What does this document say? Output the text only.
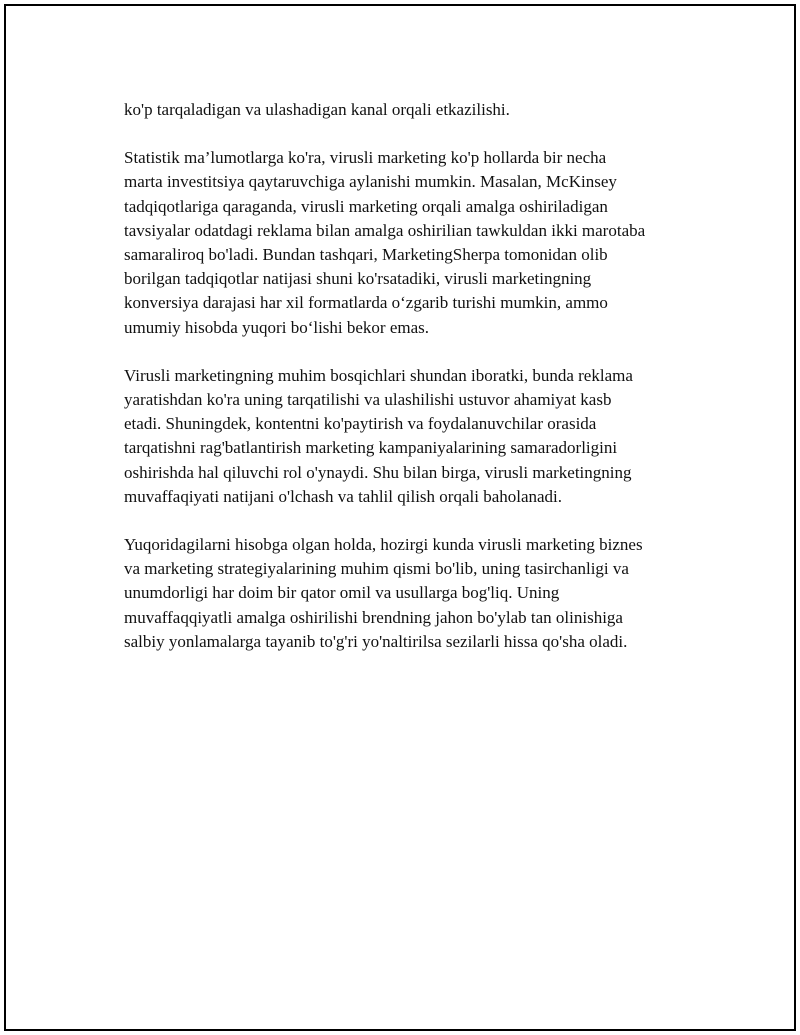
ko'p tarqaladigan va ulashadigan kanal orqali etkazilishi.

Statistik ma’lumotlarga ko'ra, virusli marketing ko'p hollarda bir necha
marta investitsiya qaytaruvchiga aylanishi mumkin. Masalan, McKinsey
tadqiqotlariga qaraganda, virusli marketing orqali amalga oshiriladigan
tavsiyalar odatdagi reklama bilan amalga oshirilian tawkuldan ikki marotaba
samaraliroq bo'ladi. Bundan tashqari, MarketingSherpa tomonidan olib
borilgan tadqiqotlar natijasi shuni ko'rsatadiki, virusli marketingning
konversiya darajasi har xil formatlarda o‘zgarib turishi mumkin, ammo
umumiy hisobda yuqori bo‘lishi bekor emas.

Virusli marketingning muhim bosqichlari shundan iboratki, bunda reklama
yaratishdan ko'ra uning tarqatilishi va ulashilishi ustuvor ahamiyat kasb
etadi. Shuningdek, kontentni ko'paytirish va foydalanuvchilar orasida
tarqatishni rag'batlantirish marketing kampaniyalarining samaradorligini
oshirishda hal qiluvchi rol o'ynaydi. Shu bilan birga, virusli marketingning
muvaffaqiyati natijani o'lchash va tahlil qilish orqali baholanadi.

Yuqoridagilarni hisobga olgan holda, hozirgi kunda virusli marketing biznes
va marketing strategiyalarining muhim qismi bo'lib, uning tasirchanligi va
unumdorligi har doim bir qator omil va usullarga bog'liq. Uning
muvaffaqqiyatli amalga oshirilishi brendning jahon bo'ylab tan olinishiga
salbiy yonlamalarga tayanib to'g'ri yo'naltirilsa sezilarli hissa qo'sha oladi.
